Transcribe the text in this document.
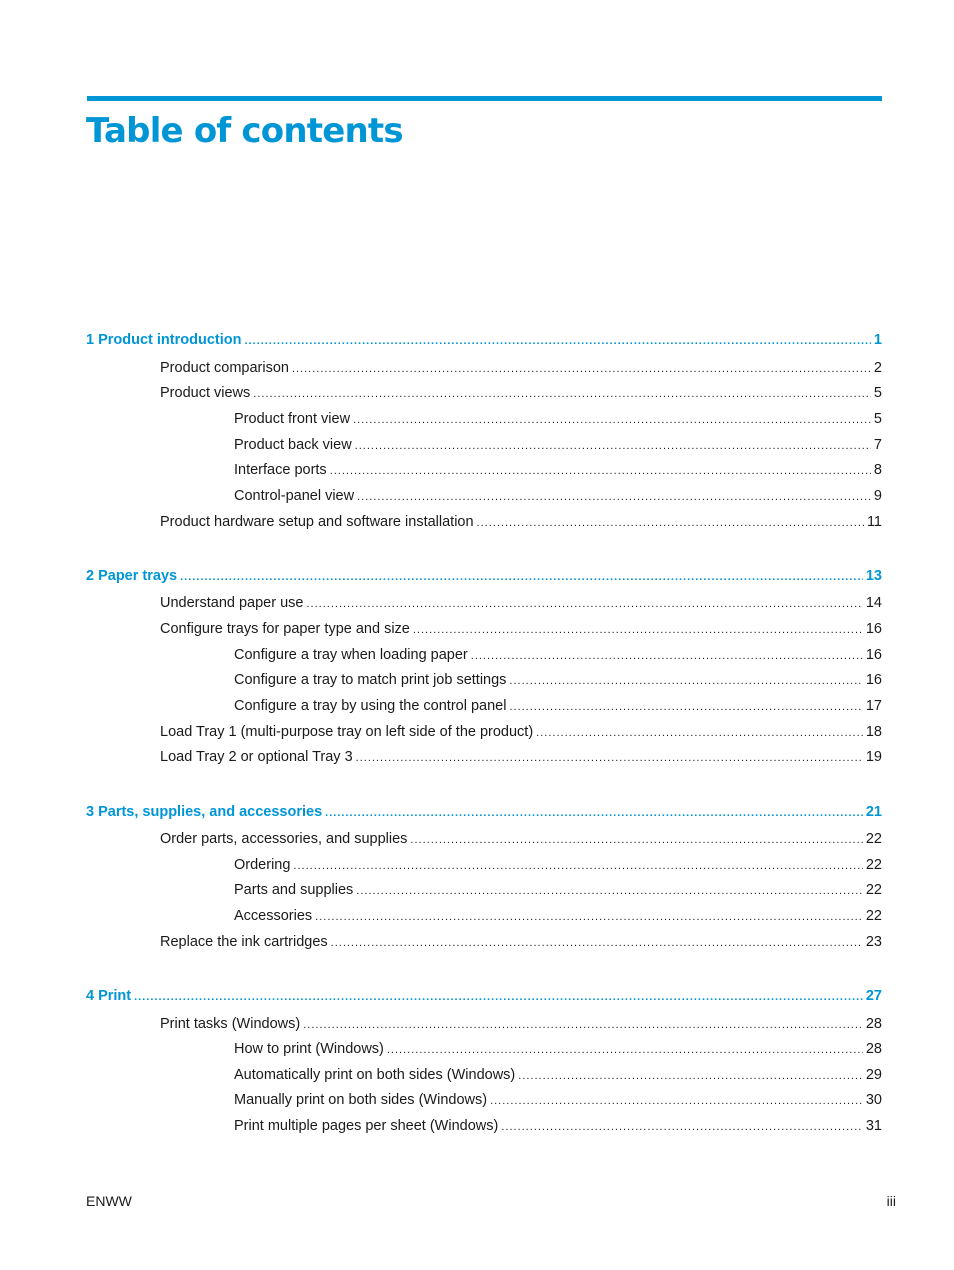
Table of contents
1 Product introduction .....	1
Product comparison .....	2
Product views .....	5
Product front view .....	5
Product back view .....	7
Interface ports .....	8
Control-panel view .....	9
Product hardware setup and software installation .....	11
2 Paper trays .....	13
Understand paper use .....	14
Configure trays for paper type and size .....	16
Configure a tray when loading paper .....	16
Configure a tray to match print job settings .....	16
Configure a tray by using the control panel .....	17
Load Tray 1 (multi-purpose tray on left side of the product) .....	18
Load Tray 2 or optional Tray 3 .....	19
3 Parts, supplies, and accessories .....	21
Order parts, accessories, and supplies .....	22
Ordering .....	22
Parts and supplies .....	22
Accessories .....	22
Replace the ink cartridges .....	23
4 Print .....	27
Print tasks (Windows) .....	28
How to print (Windows) .....	28
Automatically print on both sides (Windows) .....	29
Manually print on both sides (Windows) .....	30
Print multiple pages per sheet (Windows) .....	31
ENWW	iii
